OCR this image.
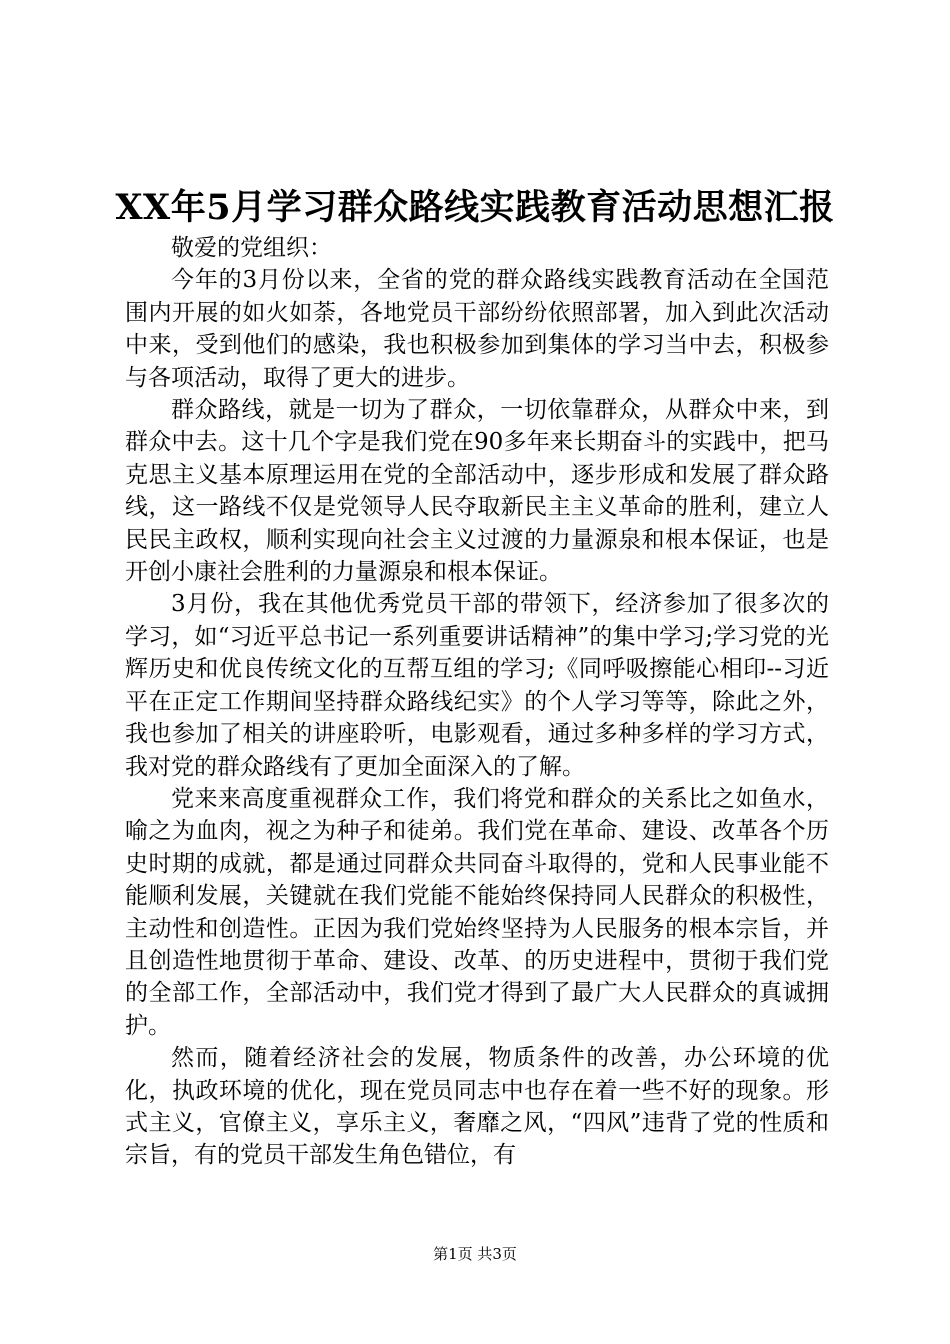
XX年5月学习群众路线实践教育活动思想汇报

敬爱的党组织：

今年的3月份以来，全省的党的群众路线实践教育活动在全国范围内开展的如火如荼，各地党员干部纷纷依照部署，加入到此次活动中来，受到他们的感染，我也积极参加到集体的学习当中去，积极参与各项活动，取得了更大的进步。

群众路线，就是一切为了群众，一切依靠群众，从群众中来，到群众中去。这十几个字是我们党在90多年来长期奋斗的实践中，把马克思主义基本原理运用在党的全部活动中，逐步形成和发展了群众路线，这一路线不仅是党领导人民夺取新民主主义革命的胜利，建立人民民主政权，顺利实现向社会主义过渡的力量源泉和根本保证，也是开创小康社会胜利的力量源泉和根本保证。

3月份，我在其他优秀党员干部的带领下，经济参加了很多次的学习，如“习近平总书记一系列重要讲话精神”的集中学习;学习党的光辉历史和优良传统文化的互帮互组的学习;《同呼吸擦能心相印--习近平在正定工作期间坚持群众路线纪实》的个人学习等等，除此之外，我也参加了相关的讲座聆听，电影观看，通过多种多样的学习方式，我对党的群众路线有了更加全面深入的了解。

党来来高度重视群众工作，我们将党和群众的关系比之如鱼水，喻之为血肉，视之为种子和徒弟。我们党在革命、建设、改革各个历史时期的成就，都是通过同群众共同奋斗取得的，党和人民事业能不能顺利发展，关键就在我们党能不能始终保持同人民群众的积极性，主动性和创造性。正因为我们党始终坚持为人民服务的根本宗旨，并且创造性地贯彻于革命、建设、改革、的历史进程中，贯彻于我们党的全部工作，全部活动中，我们党才得到了最广大人民群众的真诚拥护。

然而，随着经济社会的发展，物质条件的改善，办公环境的优化，执政环境的优化，现在党员同志中也存在着一些不好的现象。形式主义，官僚主义，享乐主义，奢靡之风，“四风”违背了党的性质和宗旨，有的党员干部发生角色错位，有

第1页 共3页
